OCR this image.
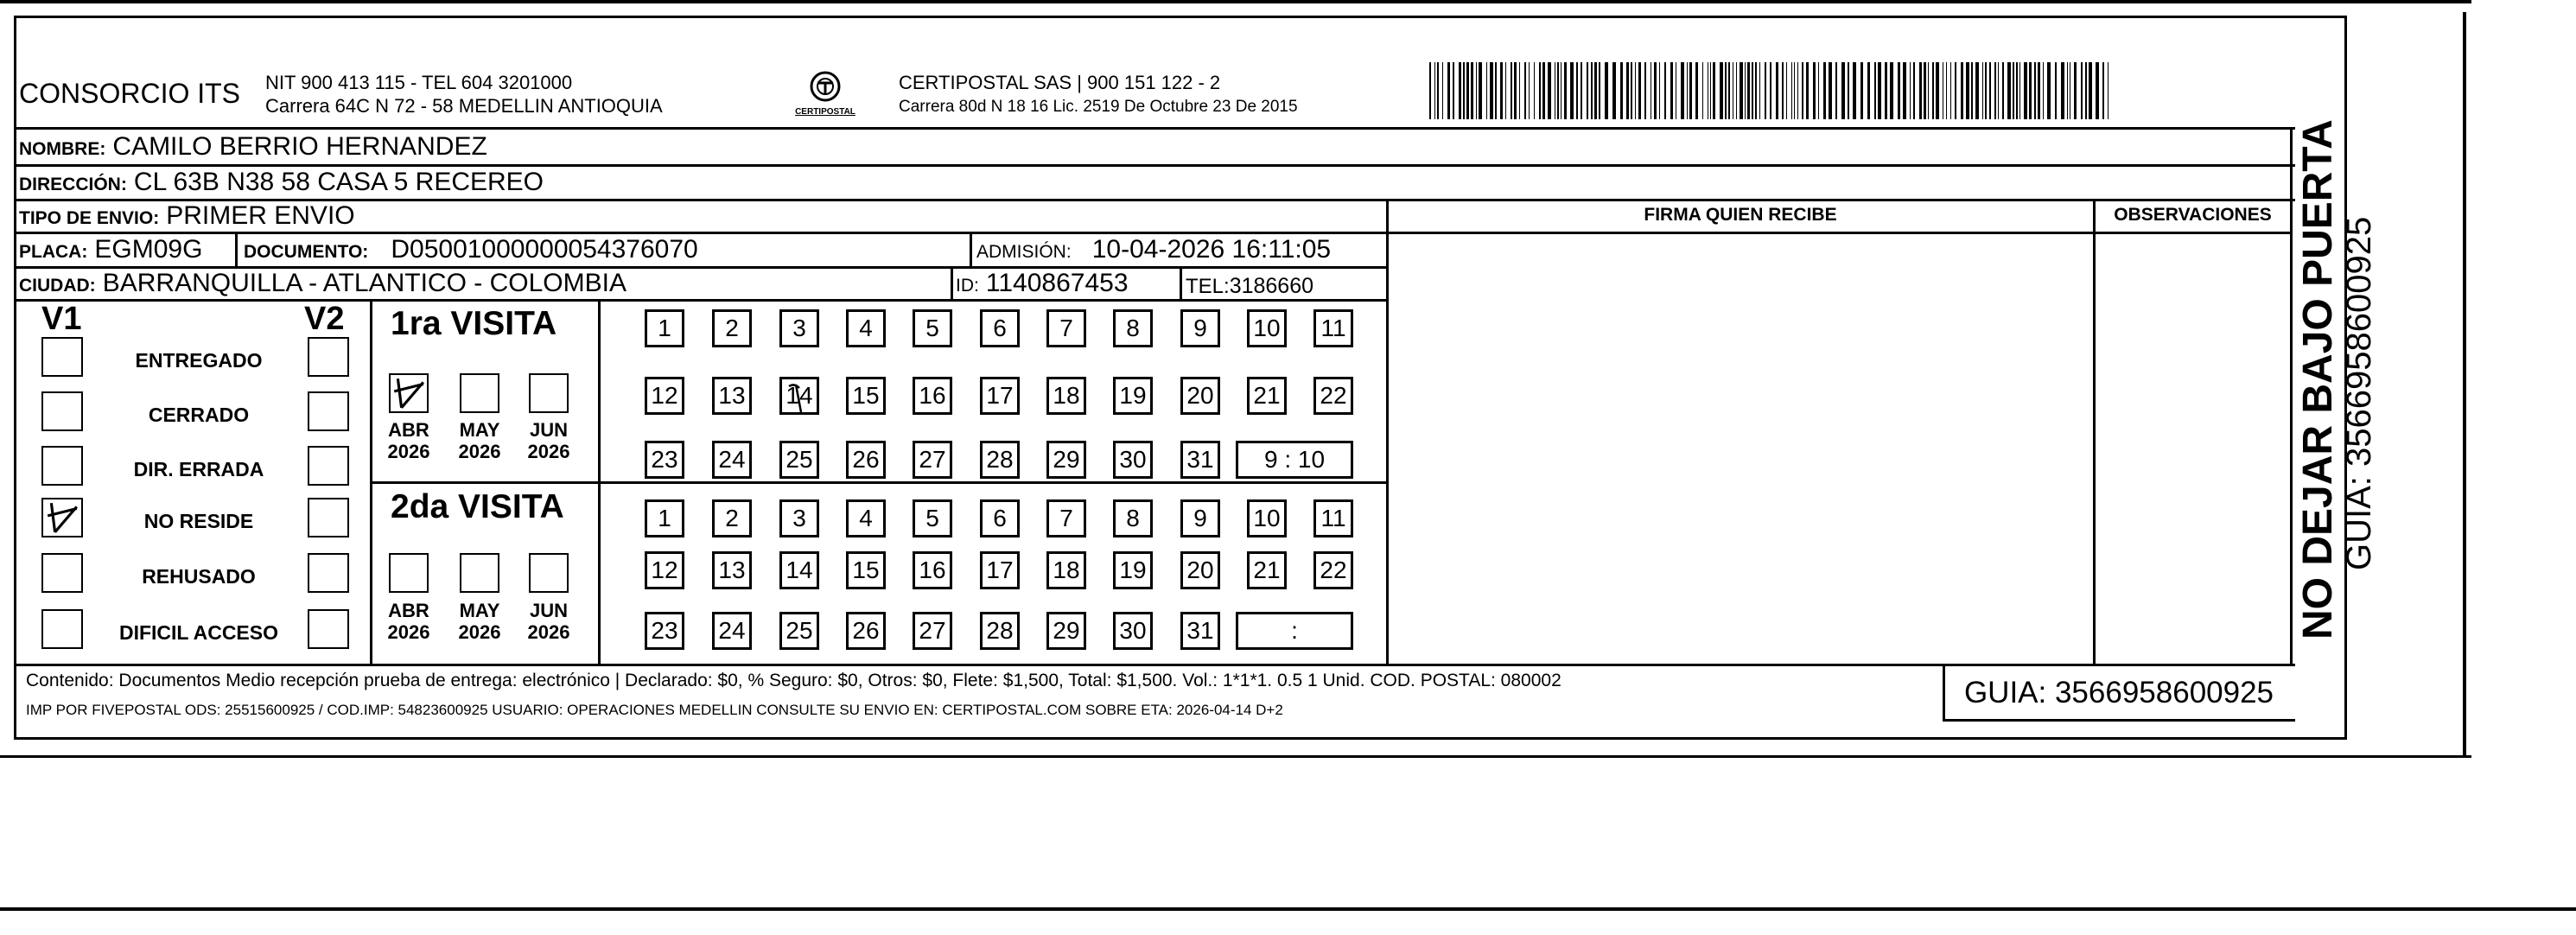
CONSORCIO ITS NIT 900 413 115 - TEL 604 3201000
Carrera 64C N 72 - 58 MEDELLIN ANTIOQUIA	CERTIPOSTAL
CERTIPOSTAL SAS | 900 151 122 - 2
Carrera 80d N 18 16 Lic. 2519 De Octubre 23 De 2015
NOMBRE: CAMILO BERRIO HERNANDEZ
DIRECCIÓN: CL 63B N38 58 CASA 5 RECEREO
TIPO DE ENVIO: PRIMER ENVIO
PLACA: EGM09G DOCUMENTO: D05001000000054376070	ADMISIÓN: 10-04-2026 16:11:05
CIUDAD: BARRANQUILLA - ATLANTICO - COLOMBIA	ID: 1140867453	TEL:3186660
FIRMA QUIEN RECIBE	OBSERVACIONES
V1	V2
ENTREGADO
CERRADO
DIR. ERRADA
NO RESIDE
REHUSADO
DIFICIL ACCESO
1ra VISITA
2da VISITA
ABR
2026
MAY
2026
JUN
2026
ABR
2026
MAY
2026
JUN
2026
1	2	3	4	5	6	7	8	9	10	11
12 13 14 15 16 17 18 19 20 21 22
23 24 25 26 27 28 29 30 31	9 : 10
1	2	3	4	5	6	7	8	9	10	11
12 13 14 15 16 17 18 19 20 21 22
23 24 25 26 27 28 29 30 31	:
Contenido: Documentos Medio recepción prueba de entrega: electrónico | Declarado: $0, % Seguro: $0, Otros: $0, Flete: $1,500, Total: $1,500. Vol.: 1*1*1. 0.5 1 Unid. COD. POSTAL: 080002
IMP POR FIVEPOSTAL ODS: 25515600925 / COD.IMP: 54823600925 USUARIO: OPERACIONES MEDELLIN CONSULTE SU ENVIO EN: CERTIPOSTAL.COM SOBRE ETA: 2026-04-14 D+2
GUIA: 3566958600925
NO DEJAR BAJO PUERTA GUIA: 3566958600925
